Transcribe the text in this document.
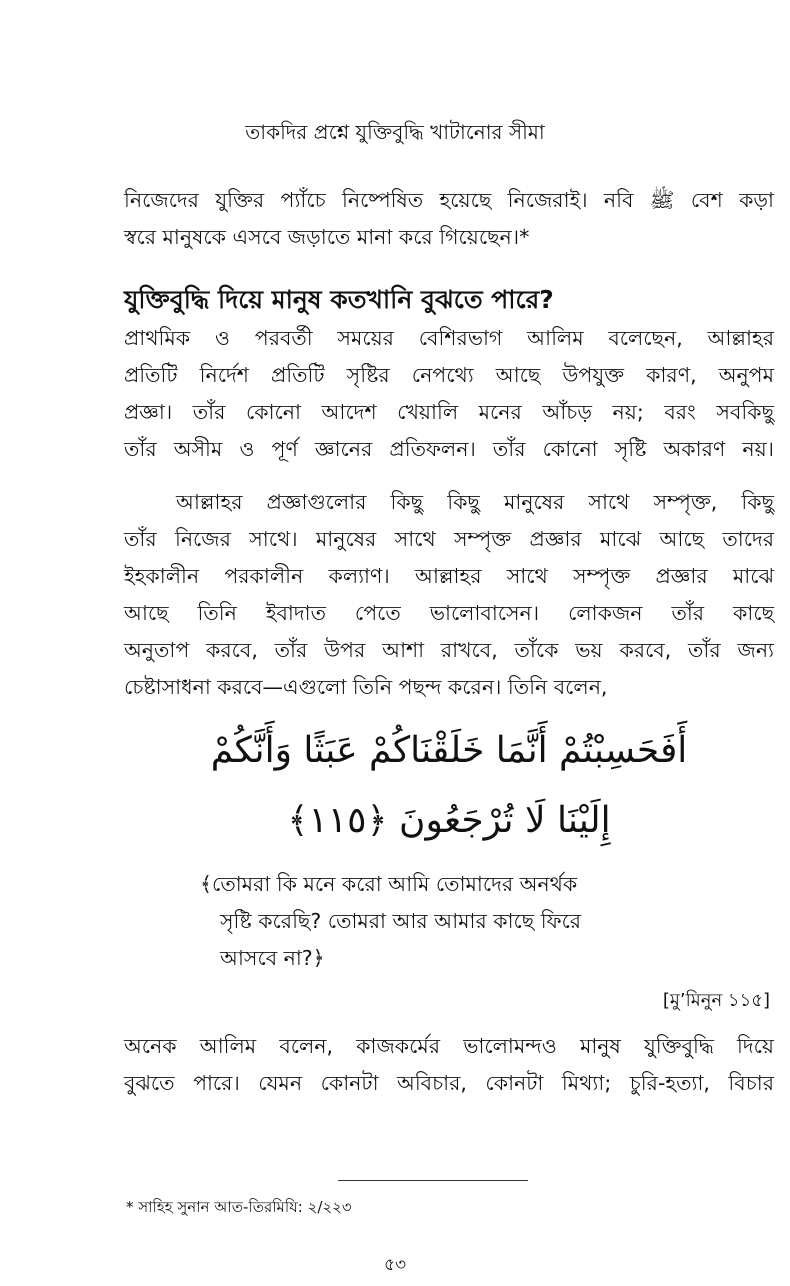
তাকদির প্রশ্নে যুক্তিবুদ্ধি খাটানোর সীমা
নিজেদের যুক্তির প্যাঁচে নিষ্পেষিত হয়েছে নিজেরাই। নবি ﷺ বেশ কড়া
স্বরে মানুষকে এসবে জড়াতে মানা করে গিয়েছেন।*
যুক্তিবুদ্ধি দিয়ে মানুষ কতখানি বুঝতে পারে?
প্রাথমিক ও পরবর্তী সময়ের বেশিরভাগ আলিম বলেছেন, আল্লাহর
প্রতিটি নির্দেশ প্রতিটি সৃষ্টির নেপথ্যে আছে উপযুক্ত কারণ, অনুপম
প্রজ্ঞা। তাঁর কোনো আদেশ খেয়ালি মনের আঁচড় নয়; বরং সবকিছু
তাঁর অসীম ও পূর্ণ জ্ঞানের প্রতিফলন। তাঁর কোনো সৃষ্টি অকারণ নয়।
আল্লাহর প্রজ্ঞাগুলোর কিছু কিছু মানুষের সাথে সম্পৃক্ত, কিছু
তাঁর নিজের সাথে। মানুষের সাথে সম্পৃক্ত প্রজ্ঞার মাঝে আছে তাদের
ইহকালীন পরকালীন কল্যাণ। আল্লাহর সাথে সম্পৃক্ত প্রজ্ঞার মাঝে
আছে তিনি ইবাদাত পেতে ভালোবাসেন। লোকজন তাঁর কাছে
অনুতাপ করবে, তাঁর উপর আশা রাখবে, তাঁকে ভয় করবে, তাঁর জন্য
চেষ্টাসাধনা করবে—এগুলো তিনি পছন্দ করেন। তিনি বলেন,
أَفَحَسِبْتُمْ أَنَّمَا خَلَقْنَاكُمْ عَبَثًا وَأَنَّكُمْ
إِلَيْنَا لَا تُرْجَعُونَ ﴿١١٥﴾
﴾তোমরা কি মনে করো আমি তোমাদের অনর্থক
সৃষ্টি করেছি? তোমরা আর আমার কাছে ফিরে
আসবে না?﴿
[মু’মিনুন ১১৫]
অনেক আলিম বলেন, কাজকর্মের ভালোমন্দও মানুষ যুক্তিবুদ্ধি দিয়ে
বুঝতে পারে। যেমন কোনটা অবিচার, কোনটা মিথ্যা; চুরি-হত্যা, বিচার
* সাহিহ সুনান আত-তিরমিযি: ২/২২৩
৫৩
